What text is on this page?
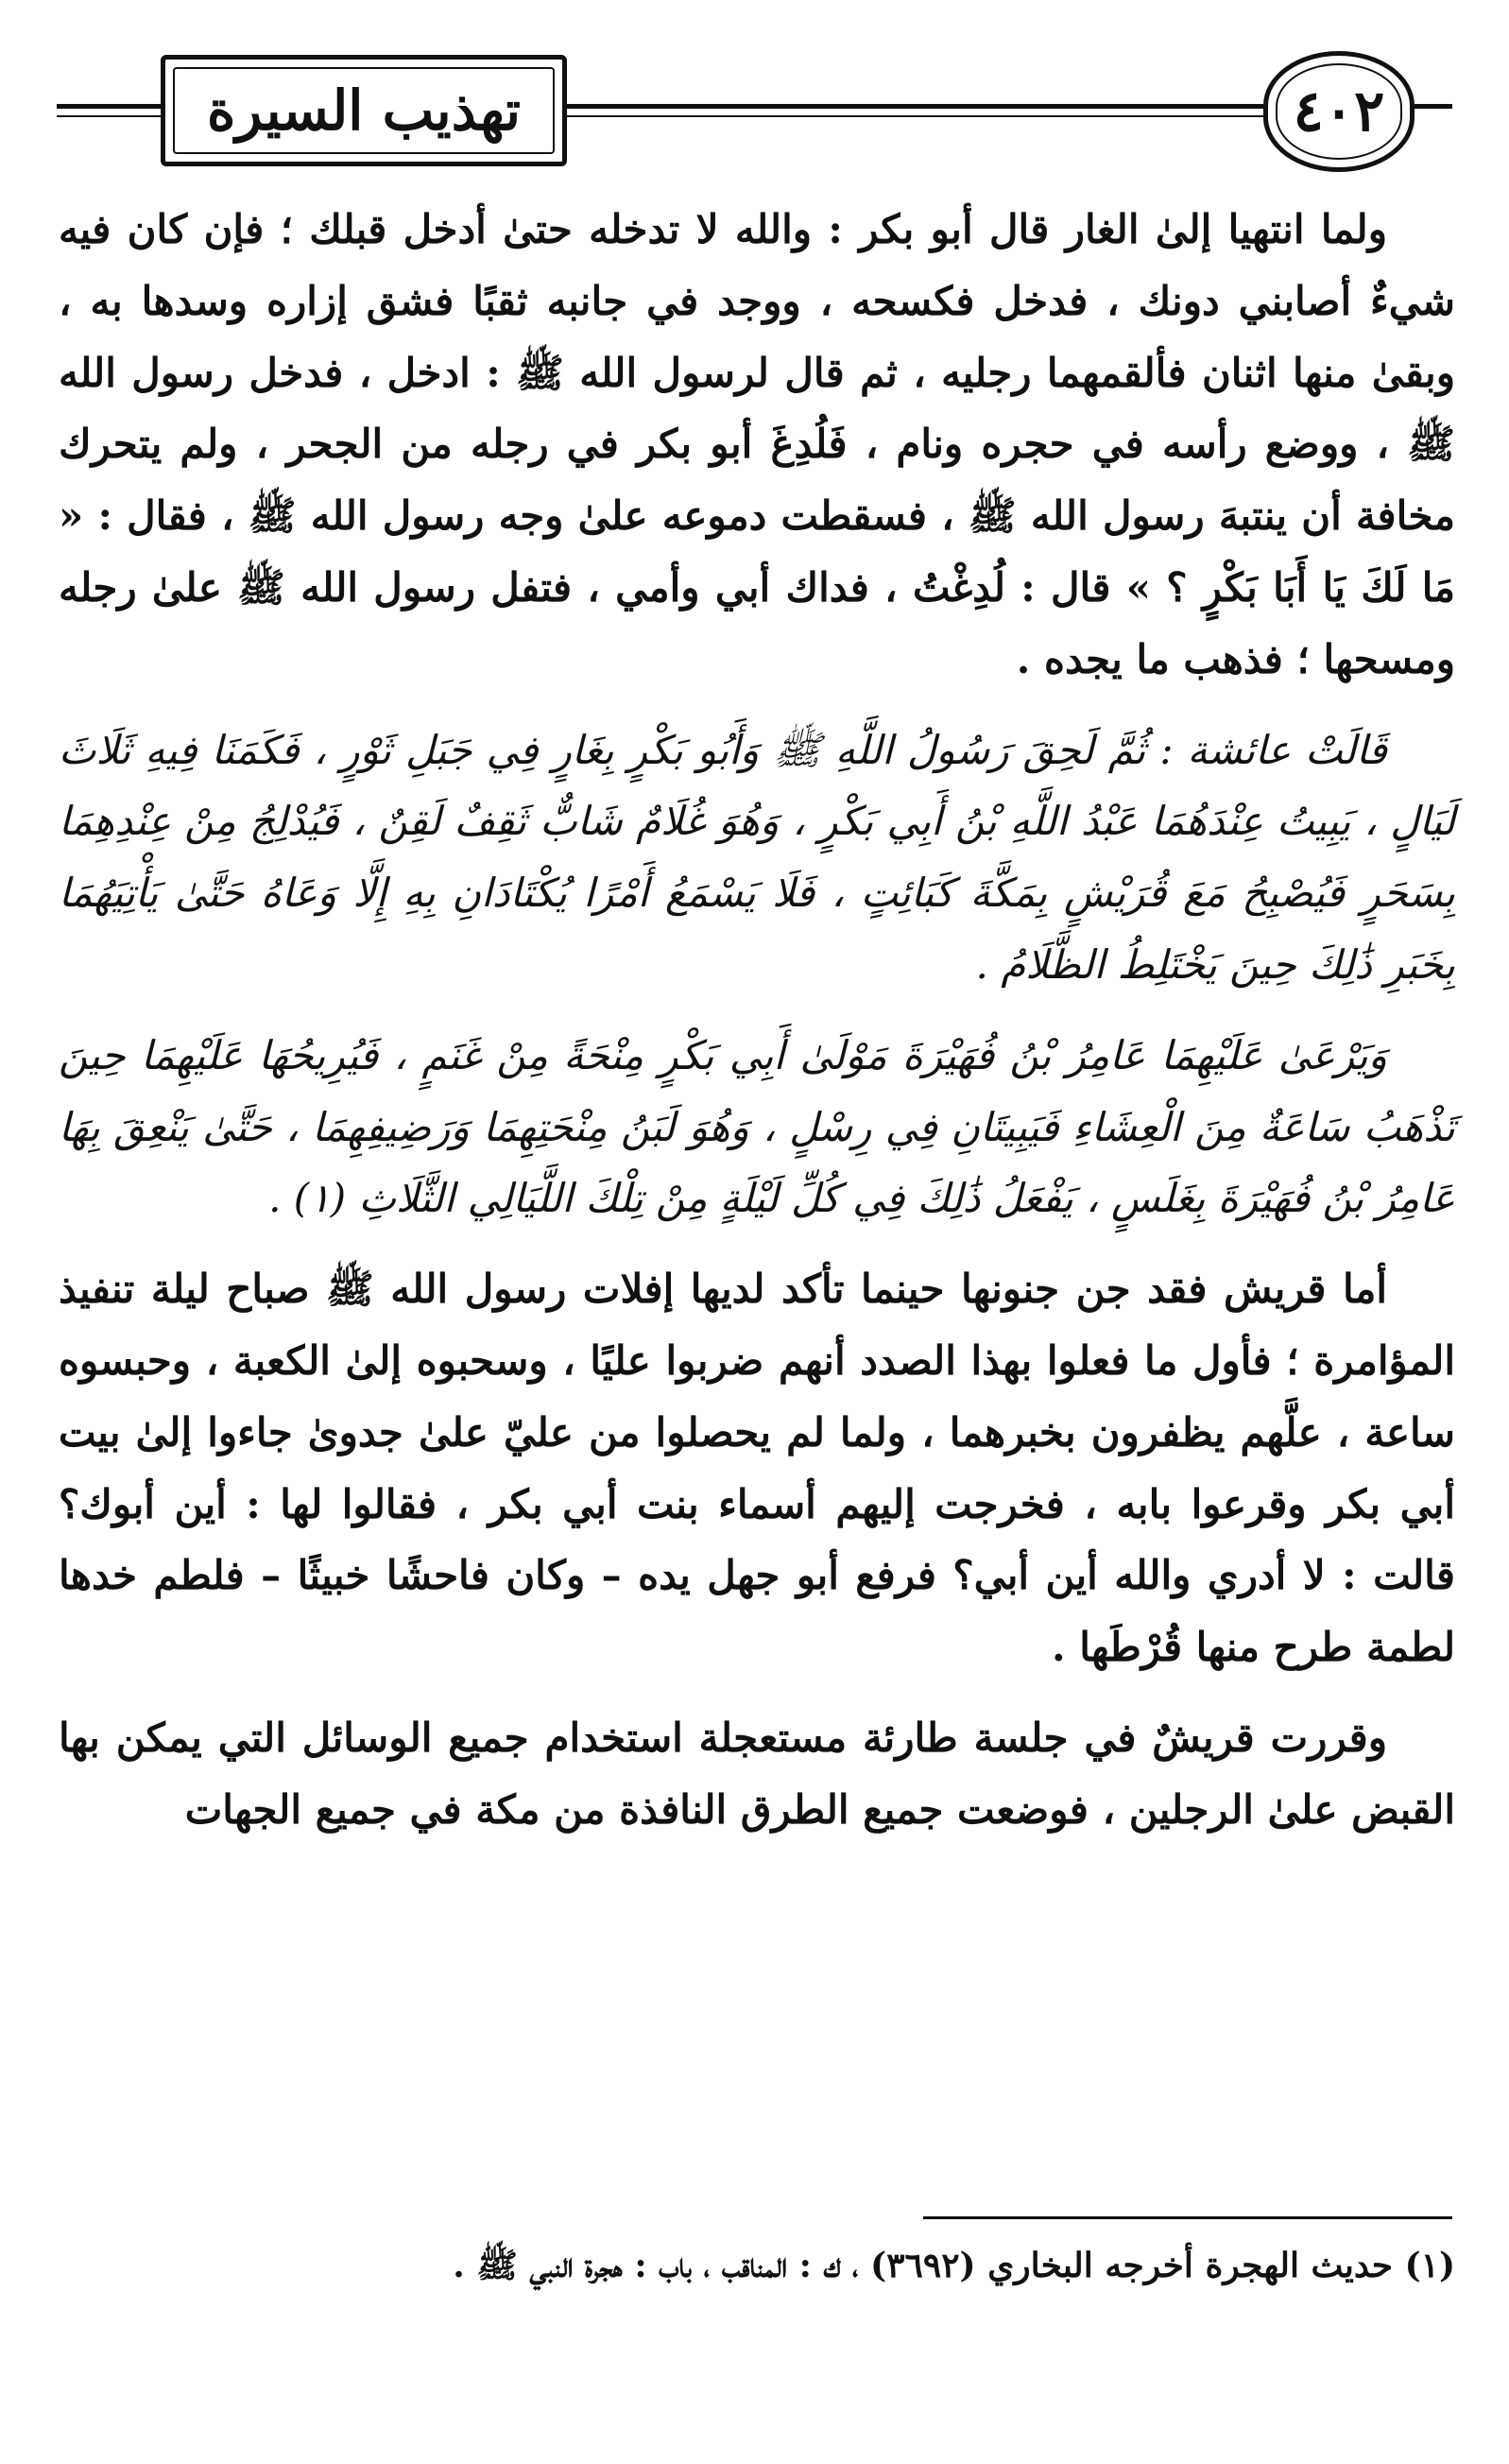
تهذيب السيرة	٤٠٢

ولما انتهيا إلىٰ الغار قال أبو بكر : والله لا تدخله حتىٰ أدخل قبلك ؛ فإن كان فيه شيءٌ أصابني دونك ، فدخل فكسحه ، ووجد في جانبه ثقبًا فشق إزاره وسدها به ، وبقىٰ منها اثنان فألقمهما رجليه ، ثم قال لرسول الله ﷺ : ادخل ، فدخل رسول الله ﷺ ، ووضع رأسه في حجره ونام ، فَلُدِغَ أبو بكر في رجله من الجحر ، ولم يتحرك مخافة أن ينتبهَ رسول الله ﷺ ، فسقطت دموعه علىٰ وجه رسول الله ﷺ ، فقال : « مَا لَكَ يَا أَبَا بَكْرٍ ؟ » قال : لُدِغْتُ ، فداك أبي وأمي ، فتفل رسول الله ﷺ علىٰ رجله ومسحها ؛ فذهب ما يجده .

قَالَتْ عائشة : ثُمَّ لَحِقَ رَسُولُ اللَّهِ ﷺ وَأَبُو بَكْرٍ بِغَارٍ فِي جَبَلِ ثَوْرٍ ، فَكَمَنَا فِيهِ ثَلَاثَ لَيَالٍ ، يَبِيتُ عِنْدَهُمَا عَبْدُ اللَّهِ بْنُ أَبِي بَكْرٍ ، وَهُوَ غُلَامٌ شَابٌّ ثَقِفٌ لَقِنٌ ، فَيُدْلِجُ مِنْ عِنْدِهِمَا بِسَحَرٍ فَيُصْبِحُ مَعَ قُرَيْشٍ بِمَكَّةَ كَبَائِتٍ ، فَلَا يَسْمَعُ أَمْرًا يُكْتَادَانِ بِهِ إِلَّا وَعَاهُ حَتَّىٰ يَأْتِيَهُمَا بِخَبَرِ ذَٰلِكَ حِينَ يَخْتَلِطُ الظَّلَامُ .

وَيَرْعَىٰ عَلَيْهِمَا عَامِرُ بْنُ فُهَيْرَةَ مَوْلَىٰ أَبِي بَكْرٍ مِنْحَةً مِنْ غَنَمٍ ، فَيُرِيحُهَا عَلَيْهِمَا حِينَ تَذْهَبُ سَاعَةٌ مِنَ الْعِشَاءِ فَيَبِيتَانِ فِي رِسْلٍ ، وَهُوَ لَبَنُ مِنْحَتِهِمَا وَرَضِيفِهِمَا ، حَتَّىٰ يَنْعِقَ بِهَا عَامِرُ بْنُ فُهَيْرَةَ بِغَلَسٍ ، يَفْعَلُ ذَٰلِكَ فِي كُلِّ لَيْلَةٍ مِنْ تِلْكَ اللَّيَالِي الثَّلَاثِ (١) .

أما قريش فقد جن جنونها حينما تأكد لديها إفلات رسول الله ﷺ صباح ليلة تنفيذ المؤامرة ؛ فأول ما فعلوا بهذا الصدد أنهم ضربوا عليًا ، وسحبوه إلىٰ الكعبة ، وحبسوه ساعة ، علَّهم يظفرون بخبرهما ، ولما لم يحصلوا من عليّ علىٰ جدوىٰ جاءوا إلىٰ بيت أبي بكر وقرعوا بابه ، فخرجت إليهم أسماء بنت أبي بكر ، فقالوا لها : أين أبوك؟ قالت : لا أدري والله أين أبي؟ فرفع أبو جهل يده – وكان فاحشًا خبيثًا – فلطم خدها لطمة طرح منها قُرْطَها .

وقررت قريشٌ في جلسة طارئة مستعجلة استخدام جميع الوسائل التي يمكن بها القبض علىٰ الرجلين ، فوضعت جميع الطرق النافذة من مكة في جميع الجهات

(١) حديث الهجرة أخرجه البخاري (٣٦٩٢) ، ك : المناقب ، باب : هجرة النبي ﷺ .
